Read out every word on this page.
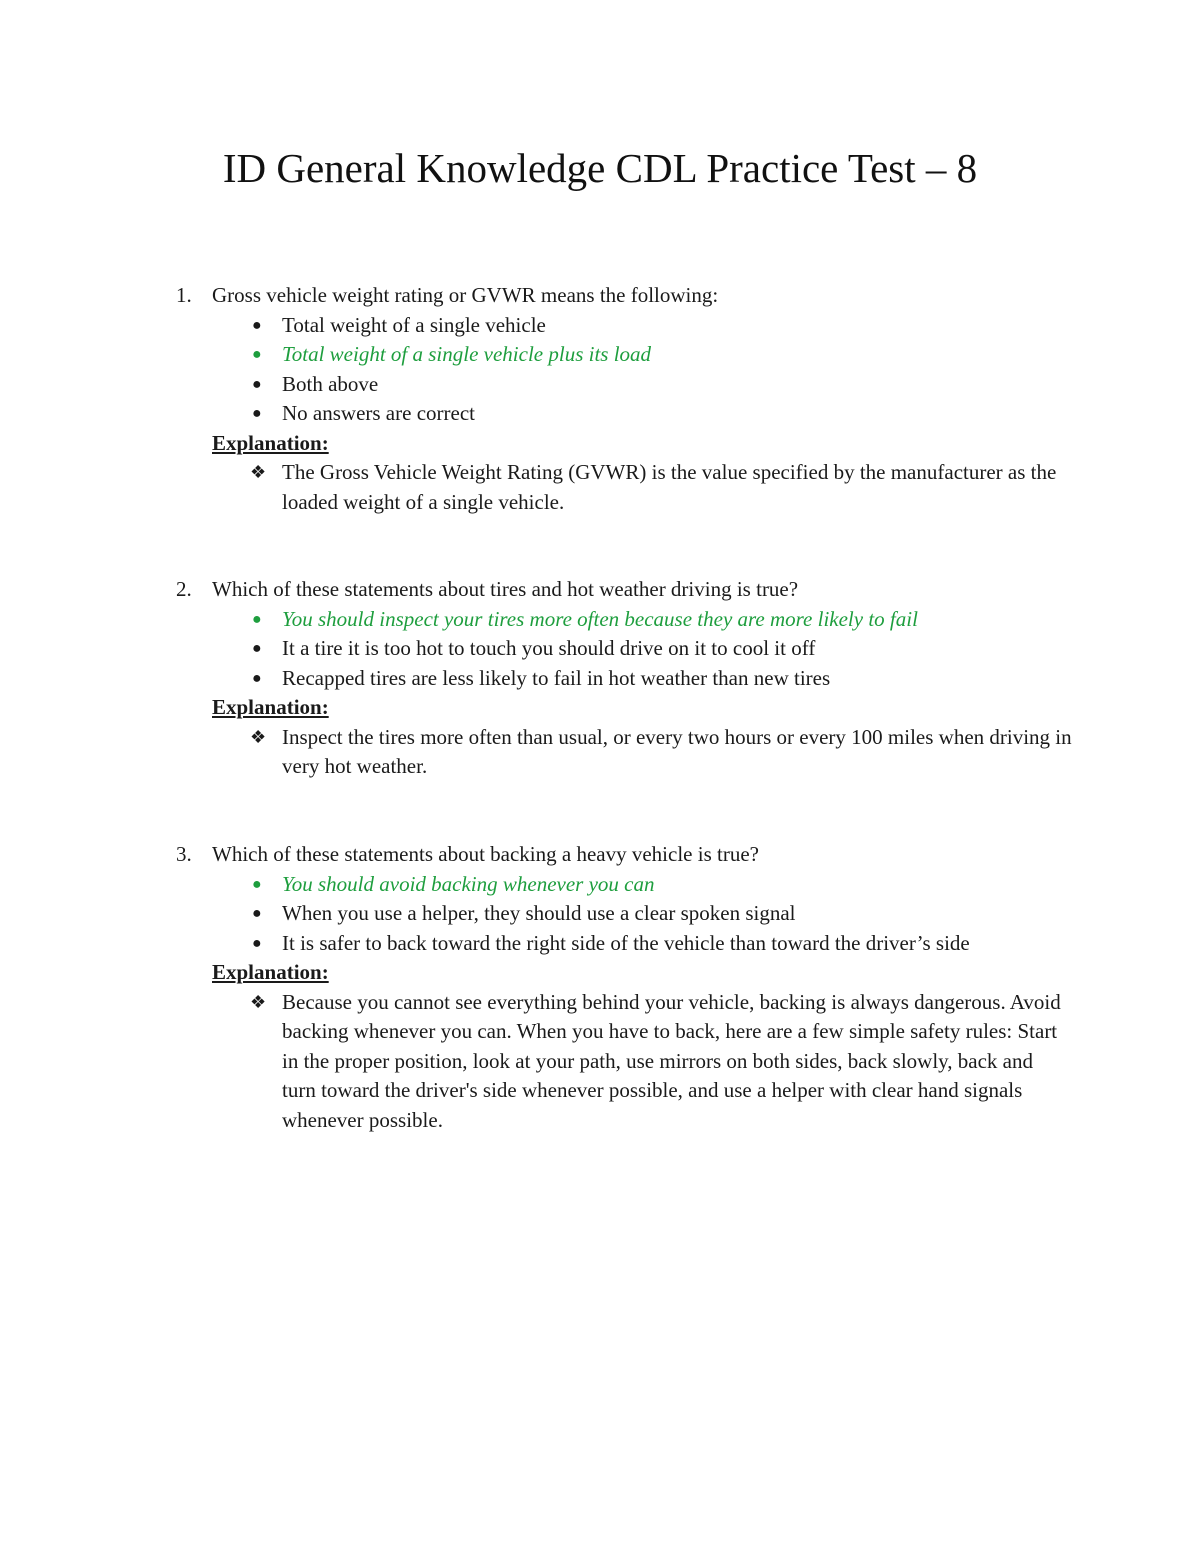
ID General Knowledge CDL Practice Test – 8
1. Gross vehicle weight rating or GVWR means the following:
● Total weight of a single vehicle
● Total weight of a single vehicle plus its load
● Both above
● No answers are correct
Explanation:
❖ The Gross Vehicle Weight Rating (GVWR) is the value specified by the manufacturer as the loaded weight of a single vehicle.
2. Which of these statements about tires and hot weather driving is true?
● You should inspect your tires more often because they are more likely to fail
● It a tire it is too hot to touch you should drive on it to cool it off
● Recapped tires are less likely to fail in hot weather than new tires
Explanation:
❖ Inspect the tires more often than usual, or every two hours or every 100 miles when driving in very hot weather.
3. Which of these statements about backing a heavy vehicle is true?
● You should avoid backing whenever you can
● When you use a helper, they should use a clear spoken signal
● It is safer to back toward the right side of the vehicle than toward the driver’s side
Explanation:
❖ Because you cannot see everything behind your vehicle, backing is always dangerous. Avoid backing whenever you can. When you have to back, here are a few simple safety rules: Start in the proper position, look at your path, use mirrors on both sides, back slowly, back and turn toward the driver's side whenever possible, and use a helper with clear hand signals whenever possible.
